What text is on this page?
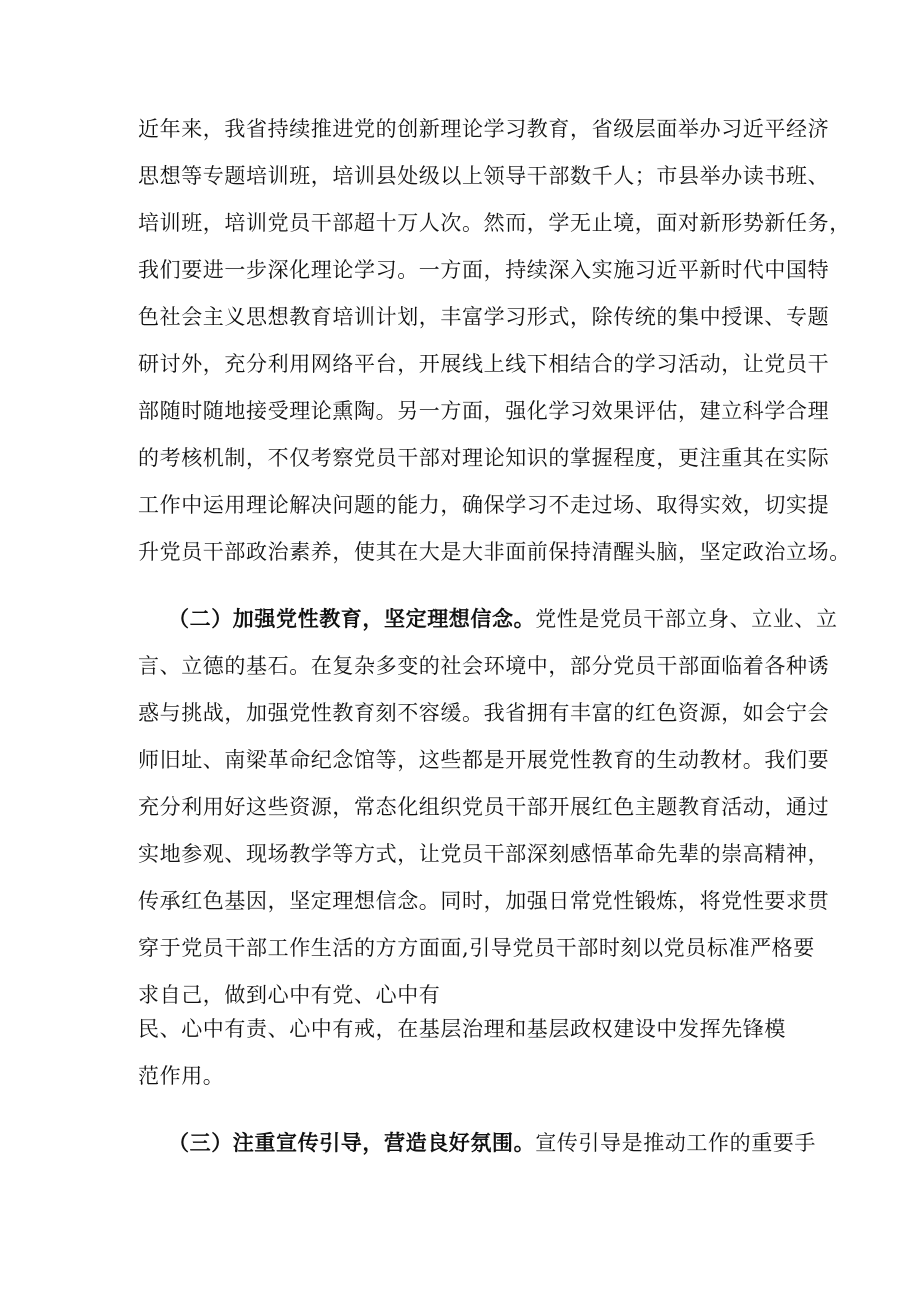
近年来，我省持续推进党的创新理论学习教育，省级层面举办习近平经济
思想等专题培训班，培训县处级以上领导干部数千人；市县举办读书班、
培训班，培训党员干部超十万人次。然而，学无止境，面对新形势新任务，
我们要进一步深化理论学习。一方面，持续深入实施习近平新时代中国特
色社会主义思想教育培训计划，丰富学习形式，除传统的集中授课、专题
研讨外，充分利用网络平台，开展线上线下相结合的学习活动，让党员干
部随时随地接受理论熏陶。另一方面，强化学习效果评估，建立科学合理
的考核机制，不仅考察党员干部对理论知识的掌握程度，更注重其在实际
工作中运用理论解决问题的能力，确保学习不走过场、取得实效，切实提
升党员干部政治素养，使其在大是大非面前保持清醒头脑，坚定政治立场。
（二）加强党性教育，坚定理想信念。党性是党员干部立身、立业、立
言、立德的基石。在复杂多变的社会环境中，部分党员干部面临着各种诱
惑与挑战，加强党性教育刻不容缓。我省拥有丰富的红色资源，如会宁会
师旧址、南梁革命纪念馆等，这些都是开展党性教育的生动教材。我们要
充分利用好这些资源，常态化组织党员干部开展红色主题教育活动，通过
实地参观、现场教学等方式，让党员干部深刻感悟革命先辈的崇高精神，
传承红色基因，坚定理想信念。同时，加强日常党性锻炼，将党性要求贯
穿于党员干部工作生活的方方面面,引导党员干部时刻以党员标准严格要
求自己，做到心中有党、心中有
民、心中有责、心中有戒，在基层治理和基层政权建设中发挥先锋模
范作用。
（三）注重宣传引导，营造良好氛围。宣传引导是推动工作的重要手
